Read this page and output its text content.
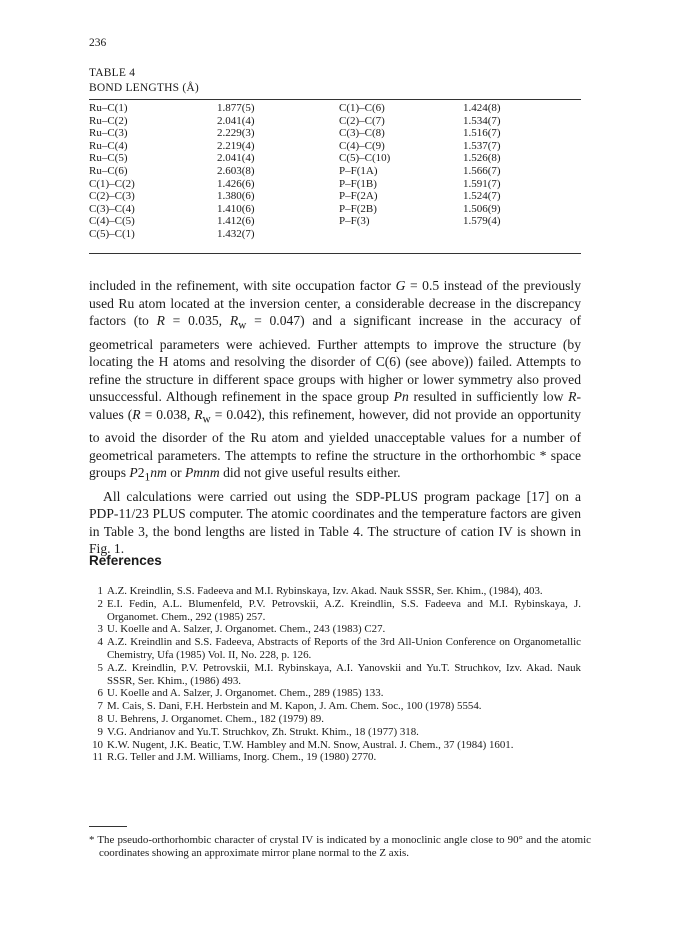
236
TABLE 4
BOND LENGTHS (Å)
Ru–C(1)	1.877(5)	C(1)–C(6)	1.424(8)
Ru–C(2)	2.041(4)	C(2)–C(7)	1.534(7)
Ru–C(3)	2.229(3)	C(3)–C(8)	1.516(7)
Ru–C(4)	2.219(4)	C(4)–C(9)	1.537(7)
Ru–C(5)	2.041(4)	C(5)–C(10)	1.526(8)
Ru–C(6)	2.603(8)	P–F(1A)	1.566(7)
C(1)–C(2)	1.426(6)	P–F(1B)	1.591(7)
C(2)–C(3)	1.380(6)	P–F(2A)	1.524(7)
C(3)–C(4)	1.410(6)	P–F(2B)	1.506(9)
C(4)–C(5)	1.412(6)	P–F(3)	1.579(4)
C(5)–C(1)	1.432(7)		

included in the refinement, with site occupation factor G = 0.5 instead of the previously used Ru atom located at the inversion center, a considerable decrease in the discrepancy factors (to R = 0.035, $R_w = 0.047$) and a significant increase in the accuracy of geometrical parameters were achieved. Further attempts to improve the structure (by locating the H atoms and resolving the disorder of C(6) (see above)) failed. Attempts to refine the structure in different space groups with higher or lower symmetry also proved unsuccessful. Although refinement in the space group Pn resulted in sufficiently low R-values (R = 0.038, $R_w = 0.042$), this refinement, however, did not provide an opportunity to avoid the disorder of the Ru atom and yielded unacceptable values for a number of geometrical parameters. The attempts to refine the structure in the orthorhombic * space groups $P2_1nm$ or Pmnm did not give useful results either.

All calculations were carried out using the SDP-PLUS program package [17] on a PDP-11/23 PLUS computer. The atomic coordinates and the temperature factors are given in Table 3, the bond lengths are listed in Table 4. The structure of cation IV is shown in Fig. 1.

References
1 A.Z. Kreindlin, S.S. Fadeeva and M.I. Rybinskaya, Izv. Akad. Nauk SSSR, Ser. Khim., (1984), 403.
2 E.I. Fedin, A.L. Blumenfeld, P.V. Petrovskii, A.Z. Kreindlin, S.S. Fadeeva and M.I. Rybinskaya, J. Organomet. Chem., 292 (1985) 257.
3 U. Koelle and A. Salzer, J. Organomet. Chem., 243 (1983) C27.
4 A.Z. Kreindlin and S.S. Fadeeva, Abstracts of Reports of the 3rd All-Union Conference on Organometallic Chemistry, Ufa (1985) Vol. II, No. 228, p. 126.
5 A.Z. Kreindlin, P.V. Petrovskii, M.I. Rybinskaya, A.I. Yanovskii and Yu.T. Struchkov, Izv. Akad. Nauk SSSR, Ser. Khim., (1986) 493.
6 U. Koelle and A. Salzer, J. Organomet. Chem., 289 (1985) 133.
7 M. Cais, S. Dani, F.H. Herbstein and M. Kapon, J. Am. Chem. Soc., 100 (1978) 5554.
8 U. Behrens, J. Organomet. Chem., 182 (1979) 89.
9 V.G. Andrianov and Yu.T. Struchkov, Zh. Strukt. Khim., 18 (1977) 318.
10 K.W. Nugent, J.K. Beatic, T.W. Hambley and M.N. Snow, Austral. J. Chem., 37 (1984) 1601.
11 R.G. Teller and J.M. Williams, Inorg. Chem., 19 (1980) 2770.
* The pseudo-orthorhombic character of crystal IV is indicated by a monoclinic angle close to 90° and the atomic coordinates showing an approximate mirror plane normal to the Z axis.
